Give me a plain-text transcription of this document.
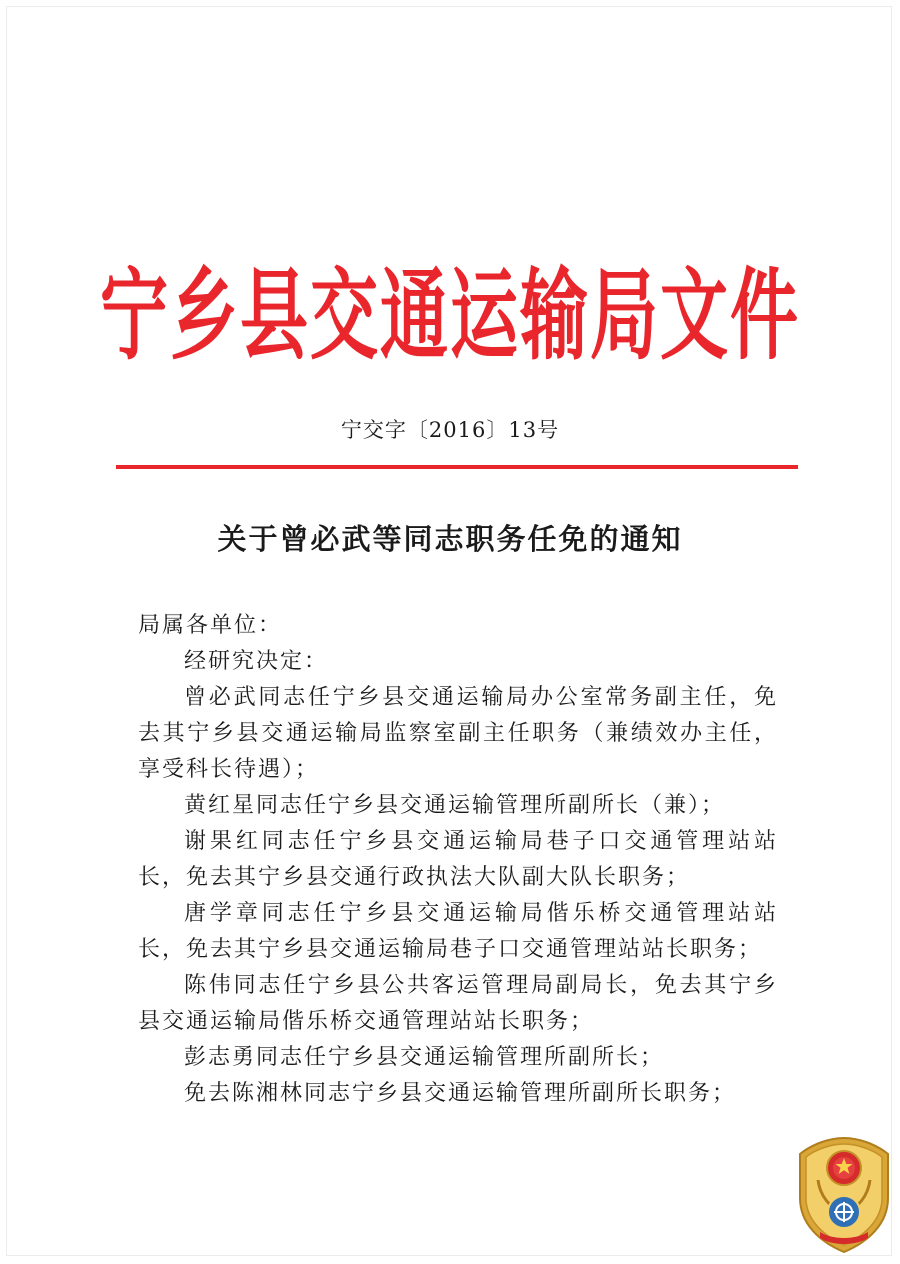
宁乡县交通运输局文件
宁交字〔2016〕13号
关于曾必武等同志职务任免的通知

局属各单位：

经研究决定：

曾必武同志任宁乡县交通运输局办公室常务副主任，免去其宁乡县交通运输局监察室副主任职务（兼绩效办主任，享受科长待遇）；

黄红星同志任宁乡县交通运输管理所副所长（兼）；

谢果红同志任宁乡县交通运输局巷子口交通管理站站长，免去其宁乡县交通行政执法大队副大队长职务；

唐学章同志任宁乡县交通运输局偕乐桥交通管理站站长，免去其宁乡县交通运输局巷子口交通管理站站长职务；

陈伟同志任宁乡县公共客运管理局副局长，免去其宁乡县交通运输局偕乐桥交通管理站站长职务；

彭志勇同志任宁乡县交通运输管理所副所长；

免去陈湘林同志宁乡县交通运输管理所副所长职务；
